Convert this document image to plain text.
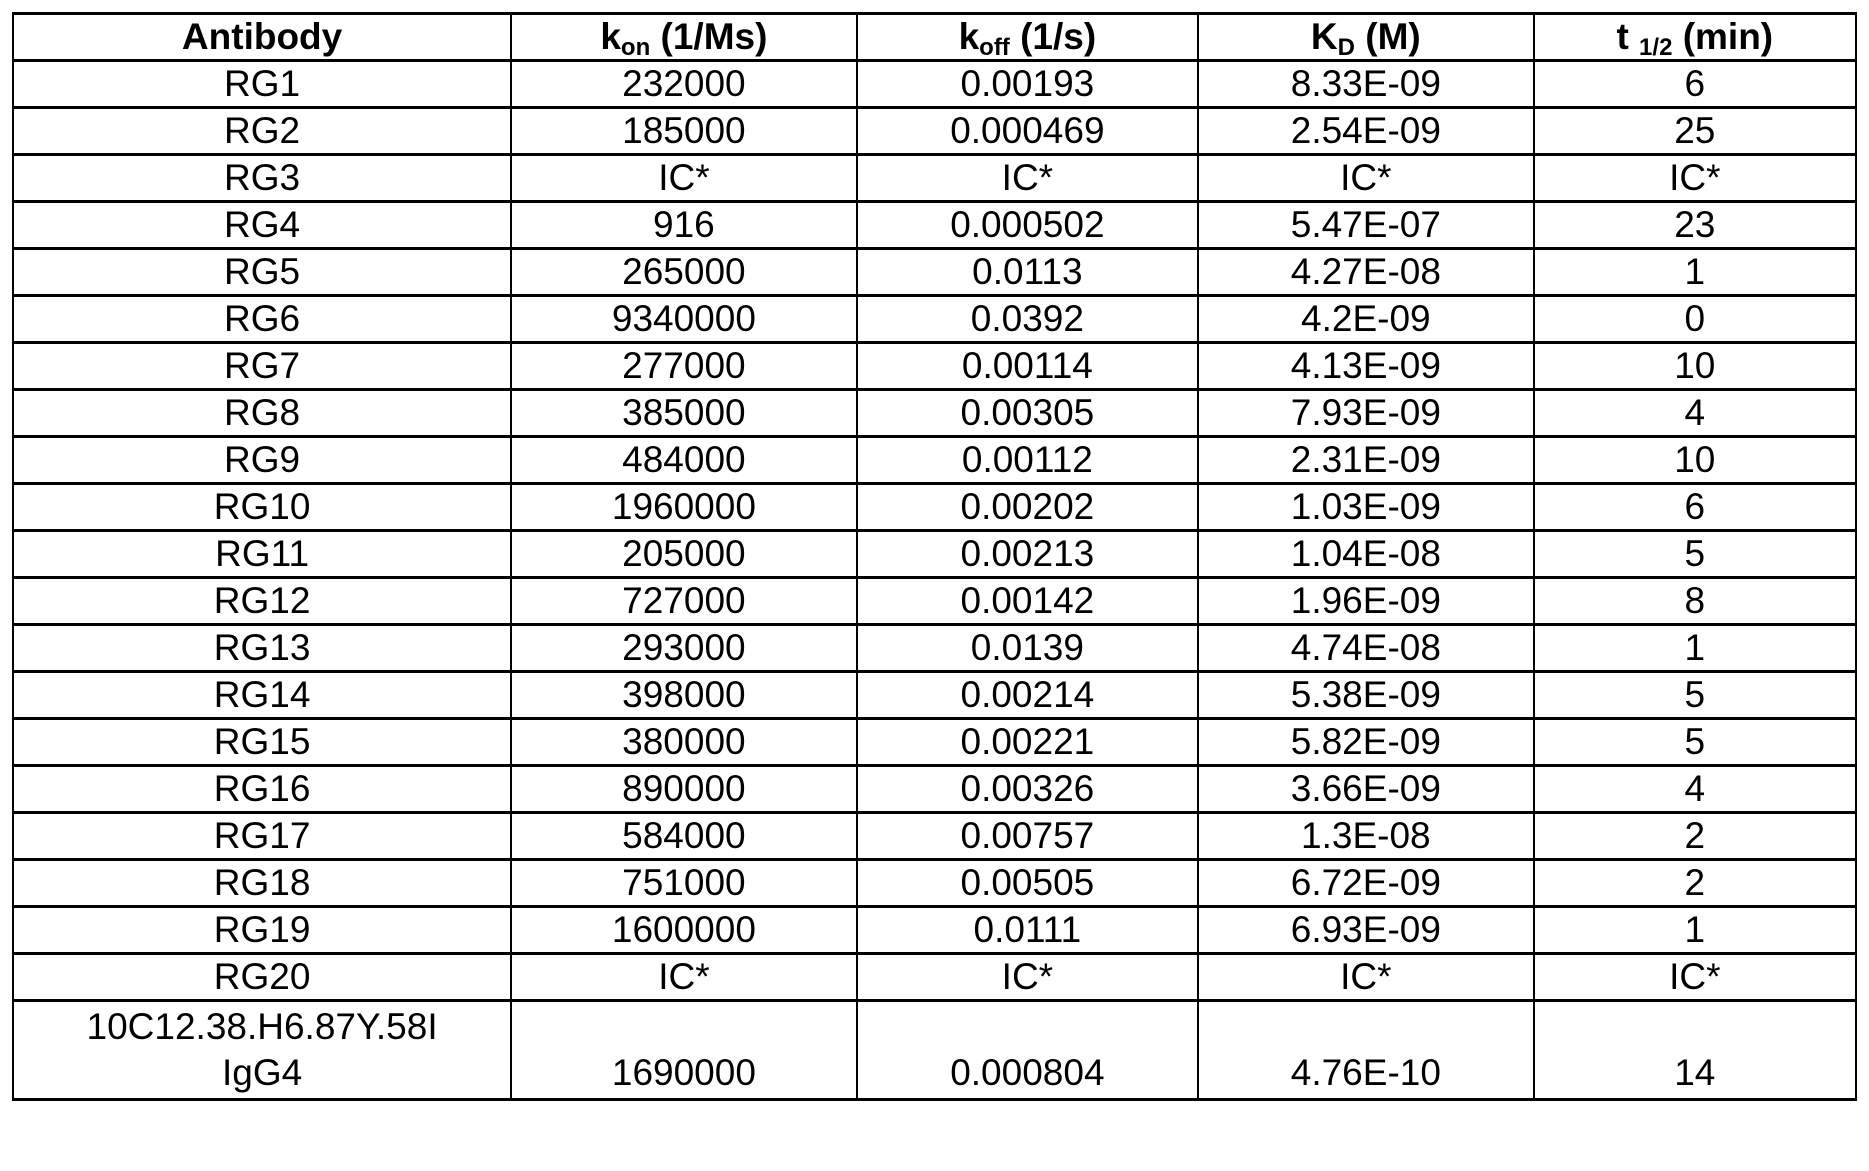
Antibody	kon (1/Ms)	koff (1/s)	KD (M)	t 1/2 (min)
RG1	232000	0.00193	8.33E-09	6
RG2	185000	0.000469	2.54E-09	25
RG3	IC*	IC*	IC*	IC*
RG4	916	0.000502	5.47E-07	23
RG5	265000	0.0113	4.27E-08	1
RG6	9340000	0.0392	4.2E-09	0
RG7	277000	0.00114	4.13E-09	10
RG8	385000	0.00305	7.93E-09	4
RG9	484000	0.00112	2.31E-09	10
RG10	1960000	0.00202	1.03E-09	6
RG11	205000	0.00213	1.04E-08	5
RG12	727000	0.00142	1.96E-09	8
RG13	293000	0.0139	4.74E-08	1
RG14	398000	0.00214	5.38E-09	5
RG15	380000	0.00221	5.82E-09	5
RG16	890000	0.00326	3.66E-09	4
RG17	584000	0.00757	1.3E-08	2
RG18	751000	0.00505	6.72E-09	2
RG19	1600000	0.0111	6.93E-09	1
RG20	IC*	IC*	IC*	IC*
10C12.38.H6.87Y.58I
IgG4	1690000	0.000804	4.76E-10	14
